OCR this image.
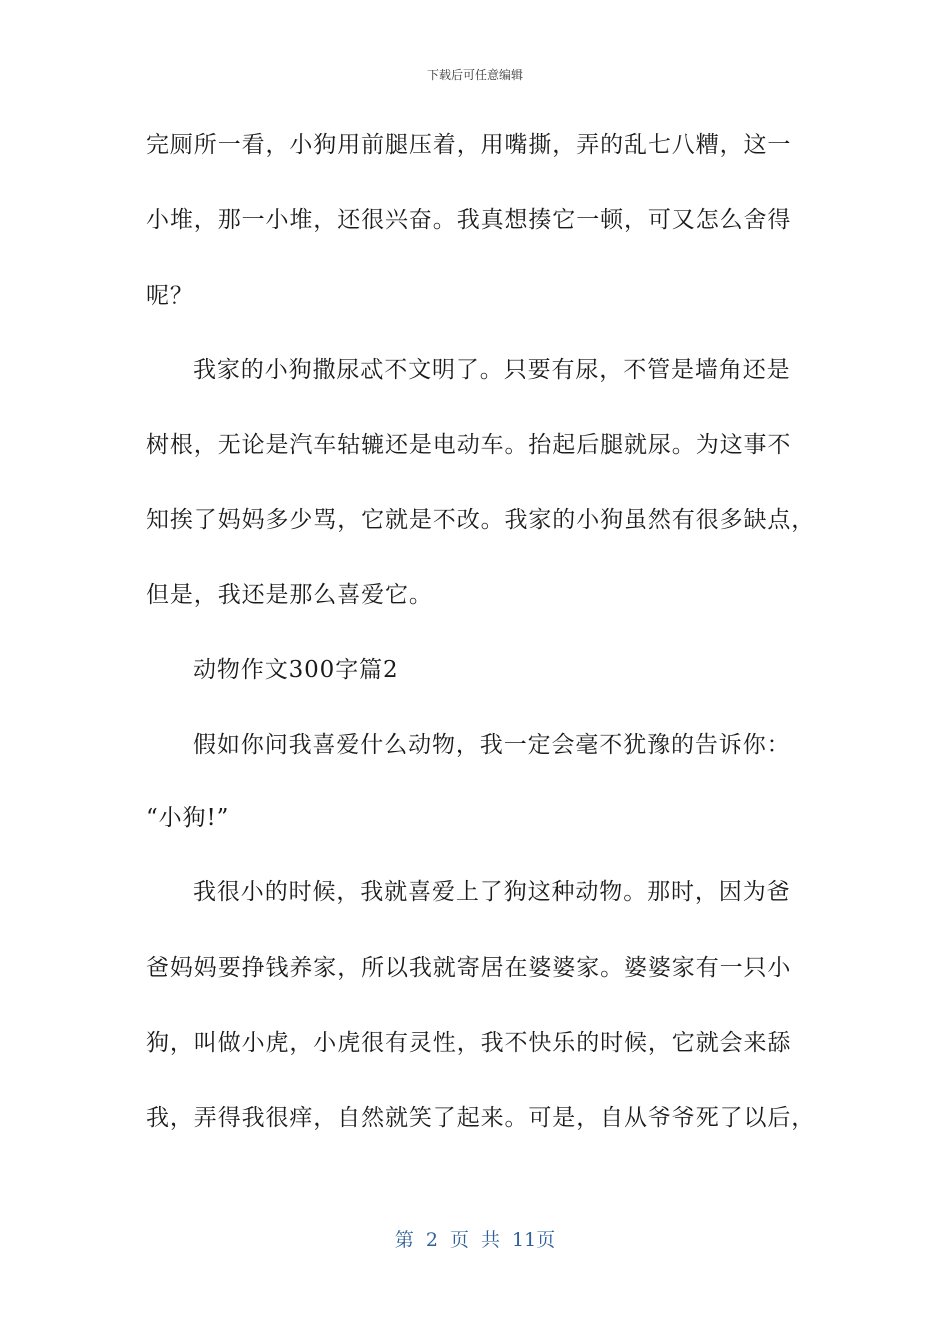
下载后可任意编辑
完厕所一看，小狗用前腿压着，用嘴撕，弄的乱七八糟，这一
小堆，那一小堆，还很兴奋。我真想揍它一顿，可又怎么舍得
呢？
我家的小狗撒尿忒不文明了。只要有尿，不管是墙角还是
树根，无论是汽车轱辘还是电动车。抬起后腿就尿。为这事不
知挨了妈妈多少骂，它就是不改。我家的小狗虽然有很多缺点，
但是，我还是那么喜爱它。
动物作文300字篇2
假如你问我喜爱什么动物，我一定会毫不犹豫的告诉你：
“小狗!”
我很小的时候，我就喜爱上了狗这种动物。那时，因为爸
爸妈妈要挣钱养家，所以我就寄居在婆婆家。婆婆家有一只小
狗，叫做小虎，小虎很有灵性，我不快乐的时候，它就会来舔
我，弄得我很痒，自然就笑了起来。可是，自从爷爷死了以后，
第 2 页 共 11页
